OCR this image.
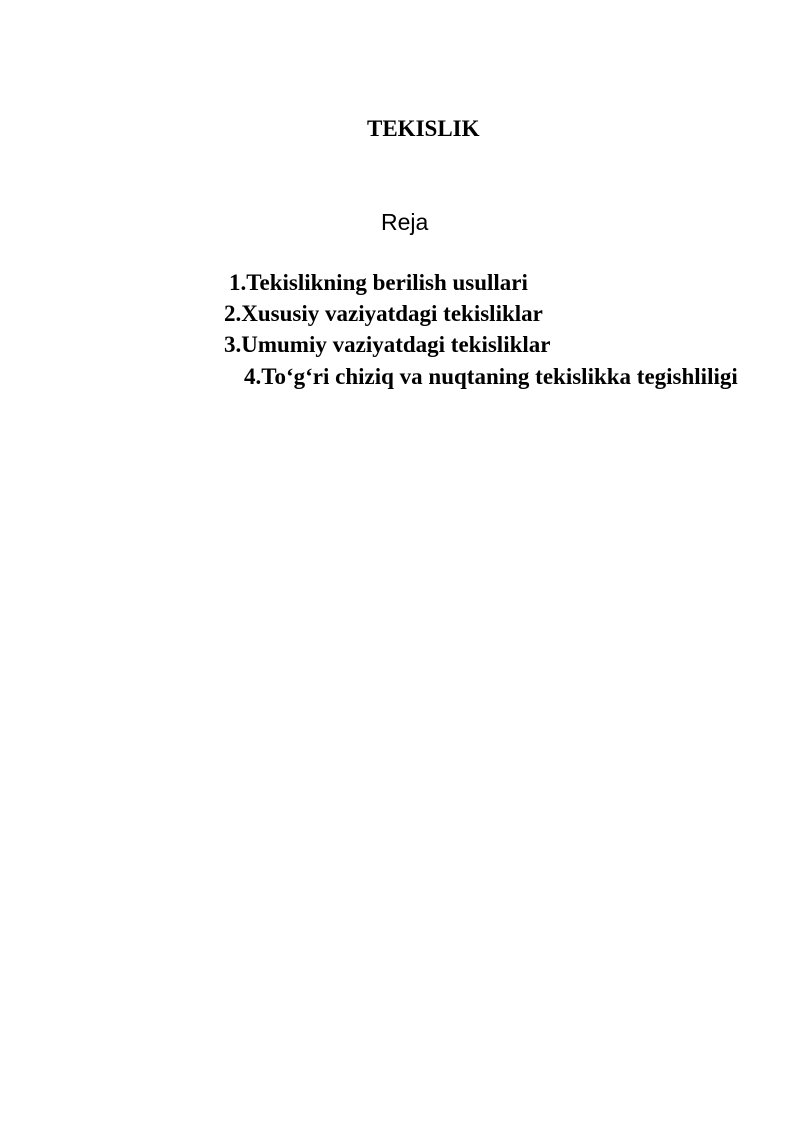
TEKISLIK
Reja
1.Tekislikning berilish usullari
2.Xususiy vaziyatdagi tekisliklar
3.Umumiy vaziyatdagi tekisliklar
4.To‘g‘ri chiziq va nuqtaning tekislikka tegishliligi
